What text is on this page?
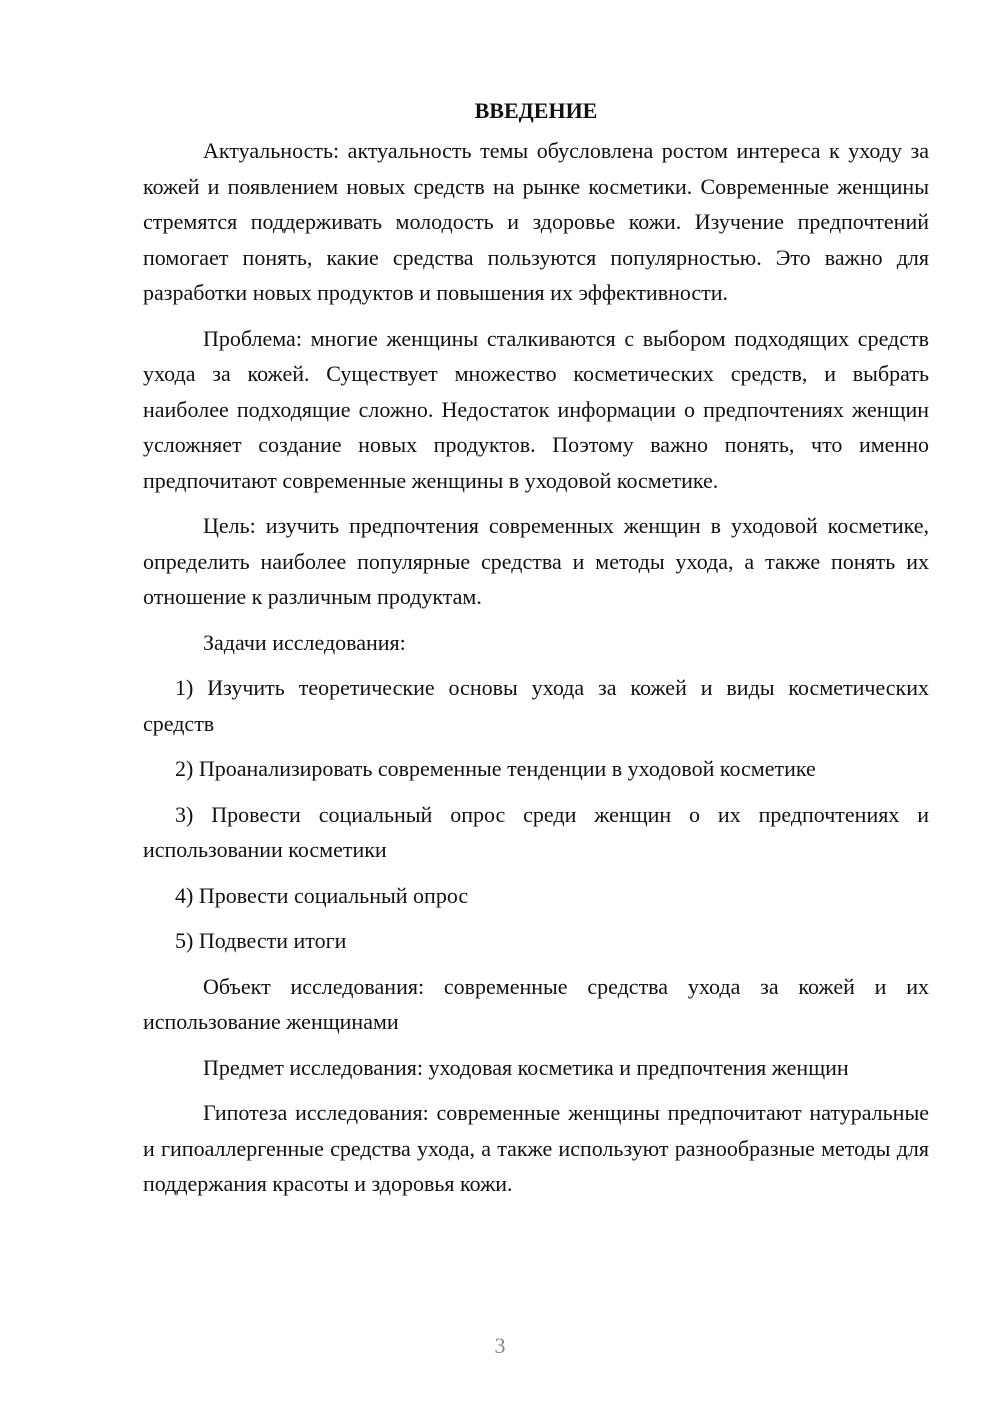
ВВЕДЕНИЕ

Актуальность: актуальность темы обусловлена ростом интереса к уходу за кожей и появлением новых средств на рынке косметики. Современные женщины стремятся поддерживать молодость и здоровье кожи. Изучение предпочтений помогает понять, какие средства пользуются популярностью. Это важно для разработки новых продуктов и повышения их эффективности.

Проблема: многие женщины сталкиваются с выбором подходящих средств ухода за кожей. Существует множество косметических средств, и выбрать наиболее подходящие сложно. Недостаток информации о предпочтениях женщин усложняет создание новых продуктов. Поэтому важно понять, что именно предпочитают современные женщины в уходовой косметике.

Цель: изучить предпочтения современных женщин в уходовой косметике, определить наиболее популярные средства и методы ухода, а также понять их отношение к различным продуктам.

Задачи исследования:

1) Изучить теоретические основы ухода за кожей и виды косметических средств

2) Проанализировать современные тенденции в уходовой косметике

3) Провести социальный опрос среди женщин о их предпочтениях и использовании косметики

4) Провести социальный опрос

5) Подвести итоги

Объект исследования: современные средства ухода за кожей и их использование женщинами

Предмет исследования: уходовая косметика и предпочтения женщин

Гипотеза исследования: современные женщины предпочитают натуральные и гипоаллергенные средства ухода, а также используют разнообразные методы для поддержания красоты и здоровья кожи.

3
